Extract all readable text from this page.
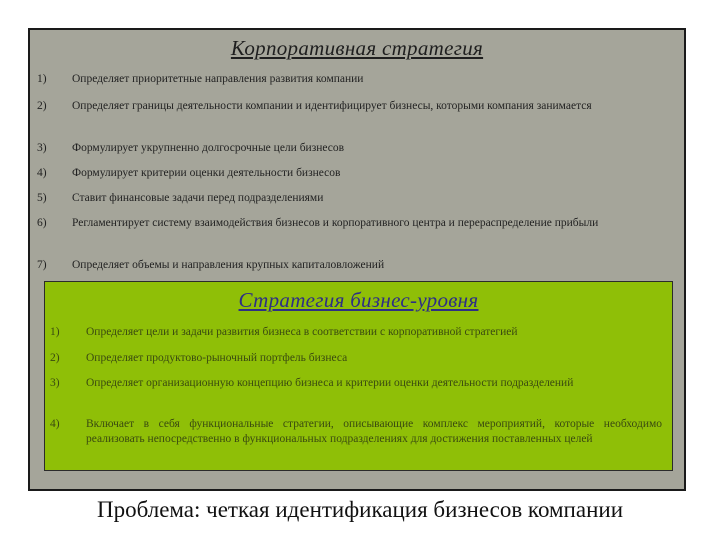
Корпоративная стратегия
1) Определяет приоритетные направления развития компании
2) Определяет границы деятельности компании и идентифицирует бизнесы, которыми компания занимается
3) Формулирует укрупненно долгосрочные цели бизнесов
4) Формулирует критерии оценки деятельности бизнесов
5) Ставит финансовые задачи перед подразделениями
6) Регламентирует систему взаимодействия бизнесов и корпоративного центра и перераспределение прибыли
7) Определяет объемы и направления крупных капиталовложений
Стратегия бизнес-уровня
1) Определяет цели и задачи развития бизнеса в соответствии с корпоративной стратегией
2) Определяет продуктово-рыночный портфель бизнеса
3) Определяет организационную концепцию бизнеса и критерии оценки деятельности подразделений
4) Включает в себя функциональные стратегии, описывающие комплекс мероприятий, которые необходимо реализовать непосредственно в функциональных подразделениях для достижения поставленных целей
Проблема: четкая идентификация бизнесов компании
